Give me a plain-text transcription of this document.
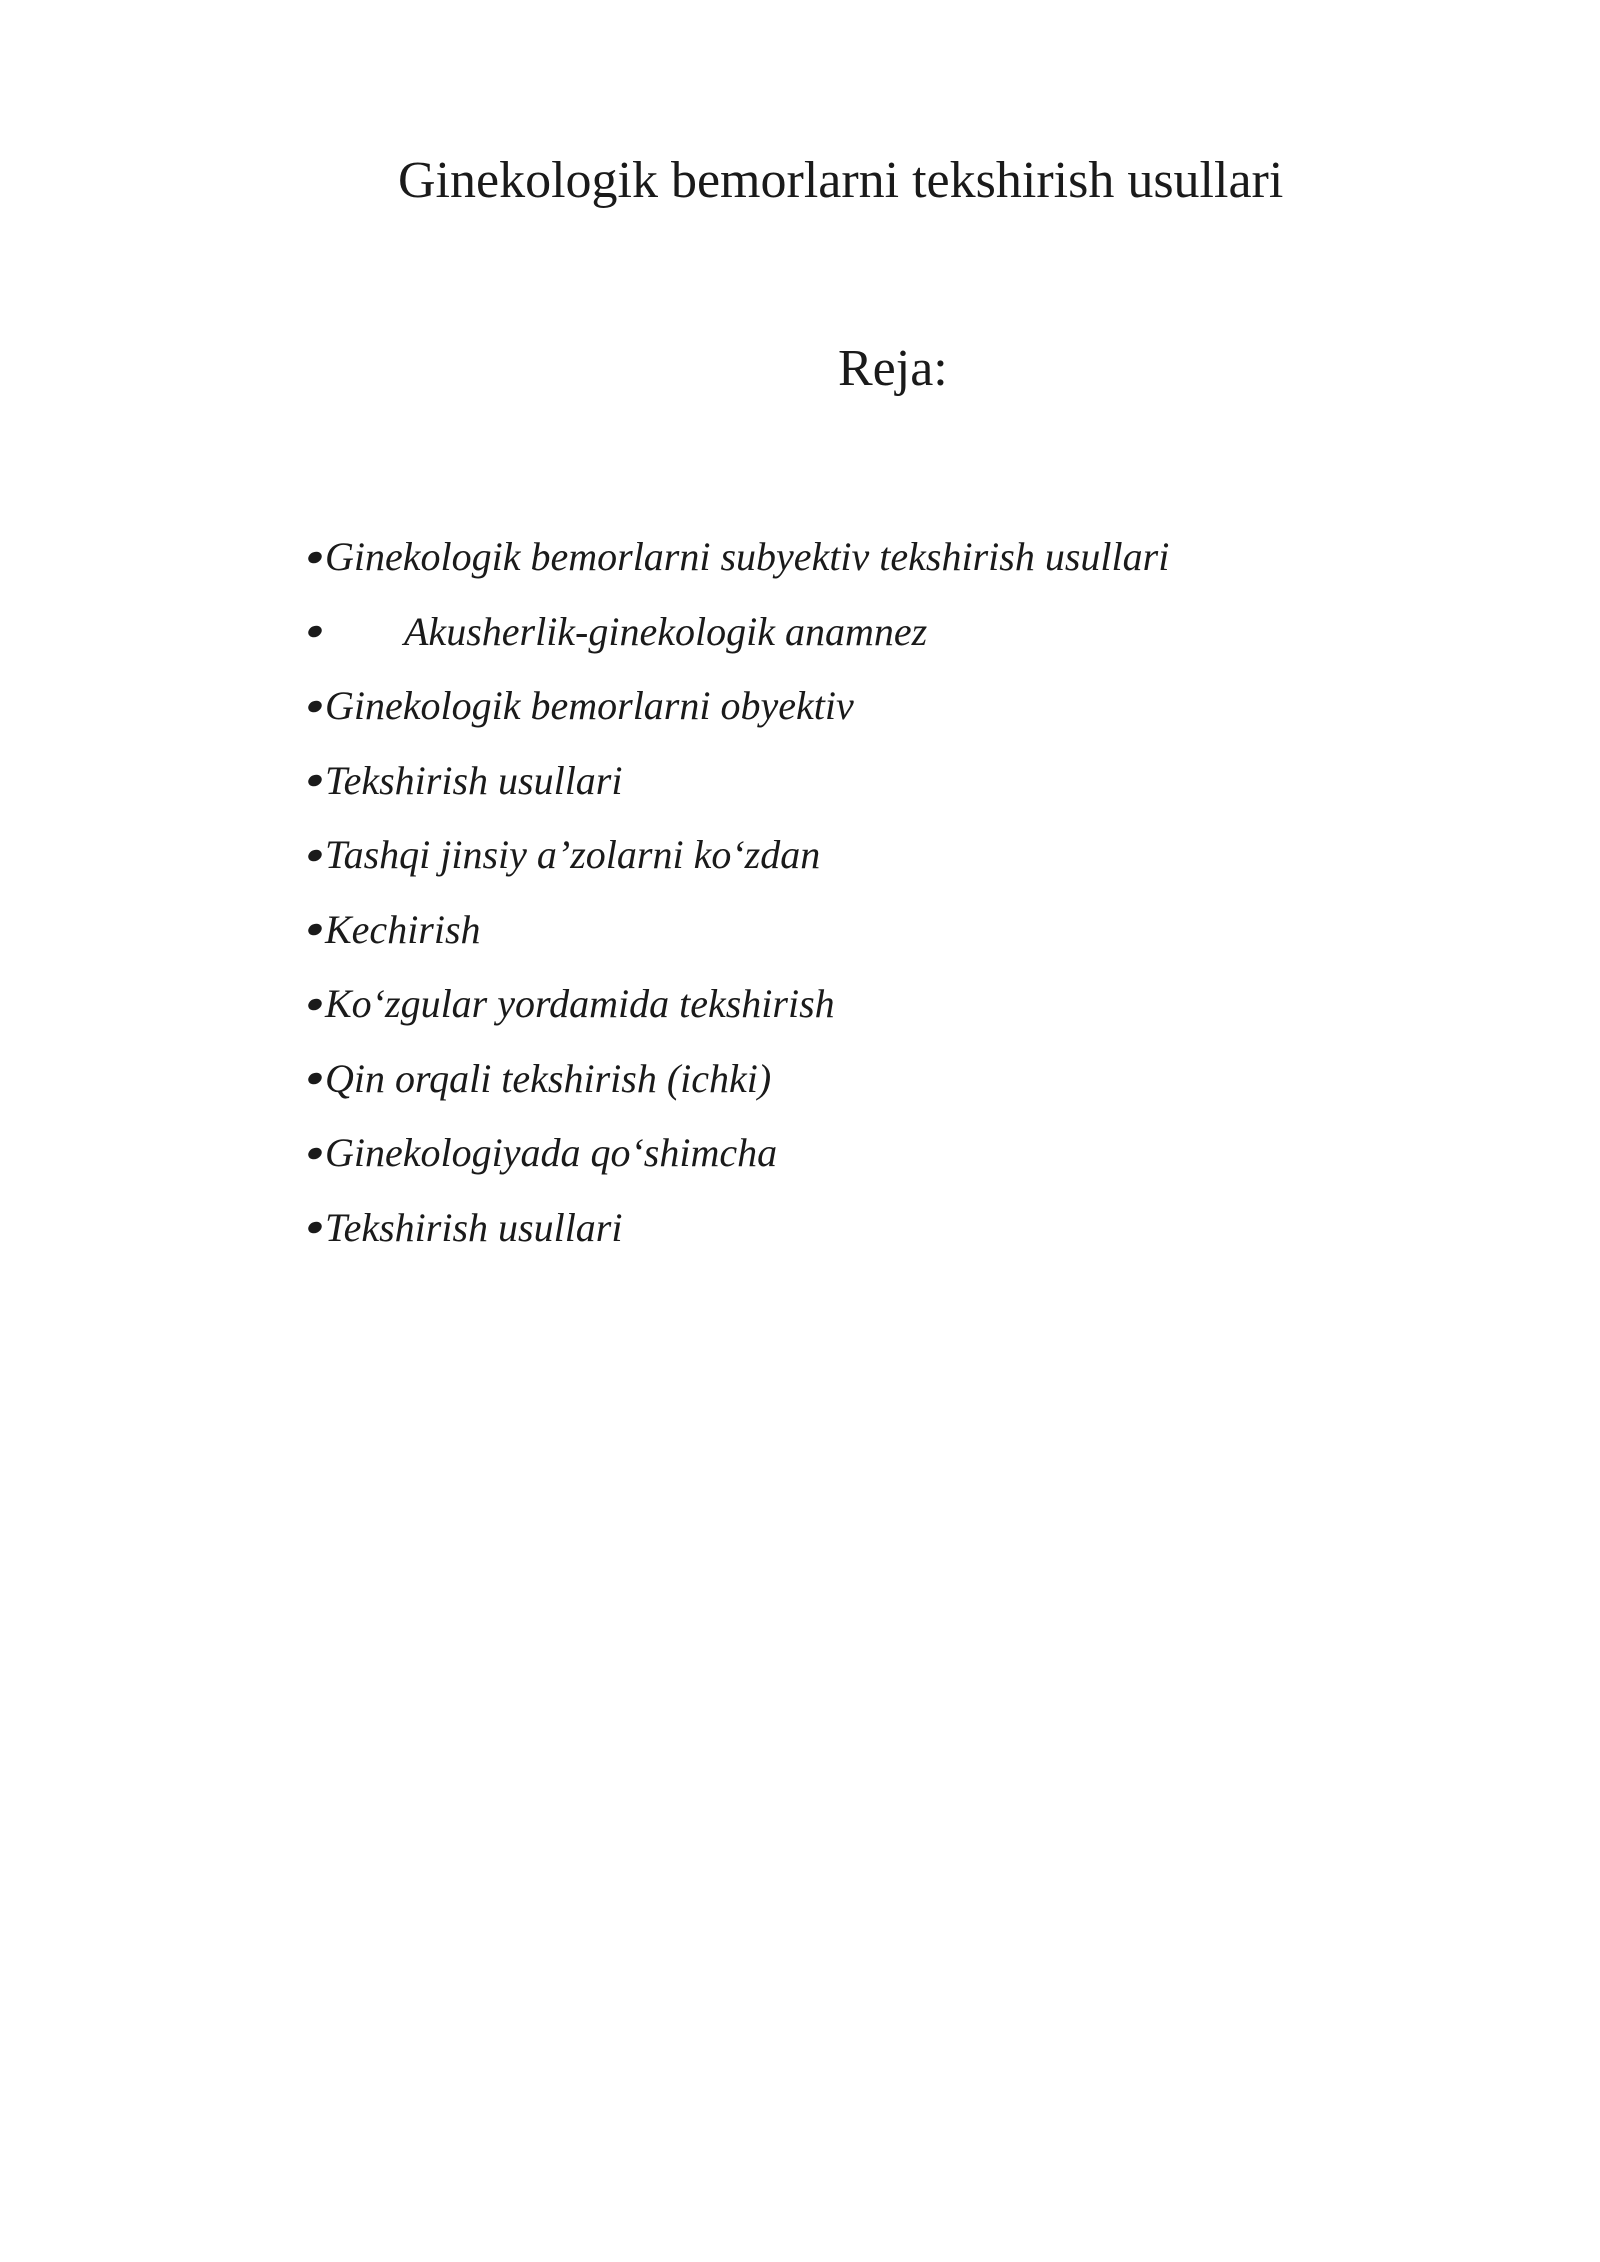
Ginekologik bemorlarni tekshirish usullari
Reja:
Ginekologik bemorlarni subyektiv tekshirish usullari
Akusherlik-ginekologik anamnez
Ginekologik bemorlarni obyektiv
Tekshirish usullari
Tashqi jinsiy a’zolarni ko‘zdan
Kechirish
Ko‘zgular yordamida tekshirish
Qin orqali tekshirish (ichki)
Ginekologiyada qo‘shimcha
Tekshirish usullari
